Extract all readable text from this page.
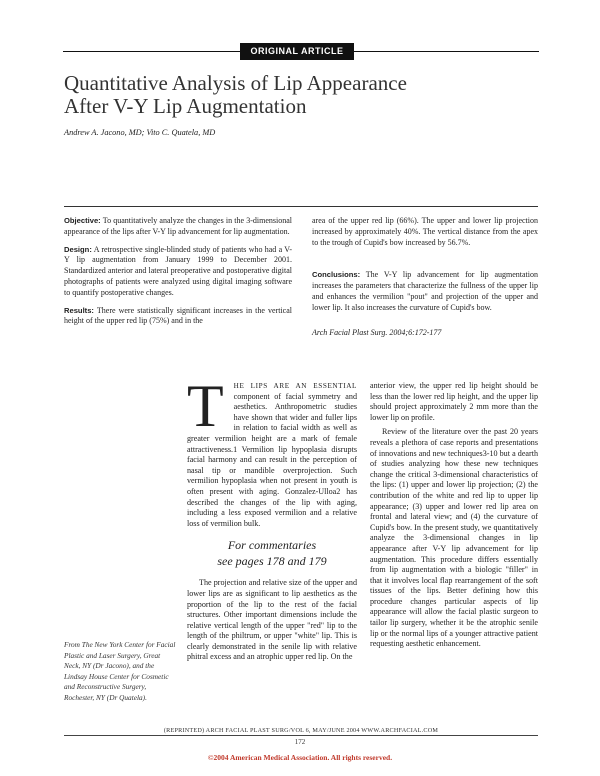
ORIGINAL ARTICLE
Quantitative Analysis of Lip Appearance
After V-Y Lip Augmentation
Andrew A. Jacono, MD; Vito C. Quatela, MD

Objective: To quantitatively analyze the changes in the 3-dimensional appearance of the lips after V-Y lip advancement for lip augmentation.

Design: A retrospective single-blinded study of patients who had a V-Y lip augmentation from January 1999 to December 2001. Standardized anterior and lateral preoperative and postoperative digital photographs of patients were analyzed using digital imaging software to quantify postoperative changes.

Results: There were statistically significant increases in the vertical height of the upper red lip (75%) and in the

area of the upper red lip (66%). The upper and lower lip projection increased by approximately 40%. The vertical distance from the apex to the trough of Cupid's bow increased by 56.7%.

Conclusions: The V-Y lip advancement for lip augmentation increases the parameters that characterize the fullness of the upper lip and enhances the vermilion "pout" and projection of the upper and lower lip. It also increases the curvature of Cupid's bow.

Arch Facial Plast Surg. 2004;6:172-177

T	HE LIPS ARE AN ESSENTIAL component of facial symmetry and aesthetics. Anthropometric studies have shown that wider and fuller lips in relation to facial width as well as greater vermilion height are a mark of female attractiveness.1 Vermilion lip hypoplasia disrupts facial harmony and can result in the perception of nasal tip or mandible overprojection. Such vermilion hypoplasia when not present in youth is often present with aging. Gonzalez-Ulloa2 has described the changes of the lip with aging, including a less exposed vermilion and a relative loss of vermilion bulk.

For commentaries
see pages 178 and 179

The projection and relative size of the upper and lower lips are as significant to lip aesthetics as the proportion of the lip to the rest of the facial structures. Other important dimensions include the relative vertical length of the upper "red" lip to the length of the philtrum, or upper "white" lip. This is clearly demonstrated in the senile lip with relative phitral excess and an atrophic upper red lip. On the

anterior view, the upper red lip height should be less than the lower red lip height, and the upper lip should project approximately 2 mm more than the lower lip on profile.

Review of the literature over the past 20 years reveals a plethora of case reports and presentations of innovations and new techniques3-10 but a dearth of studies analyzing how these new techniques change the critical 3-dimensional characteristics of the lips: (1) upper and lower lip projection; (2) the contribution of the white and red lip to upper lip appearance; (3) upper and lower red lip area on frontal and lateral view; and (4) the curvature of Cupid's bow. In the present study, we quantitatively analyze the 3-dimensional changes in lip appearance after V-Y lip advancement for lip augmentation. This procedure differs essentially from lip augmentation with a biologic "filler" in that it involves local flap rearrangement of the soft tissues of the lips. Better defining how this procedure changes particular aspects of lip appearance will allow the facial plastic surgeon to tailor lip surgery, whether it be the atrophic senile lip or the normal lips of a younger attractive patient requesting aesthetic enhancement.

From The New York Center for Facial Plastic and Laser Surgery, Great Neck, NY (Dr Jacono), and the Lindsay House Center for Cosmetic and Reconstructive Surgery, Rochester, NY (Dr Quatela).
(REPRINTED) ARCH FACIAL PLAST SURG/VOL 6, MAY/JUNE 2004 WWW.ARCHFACIAL.COM
172
©2004 American Medical Association. All rights reserved.
